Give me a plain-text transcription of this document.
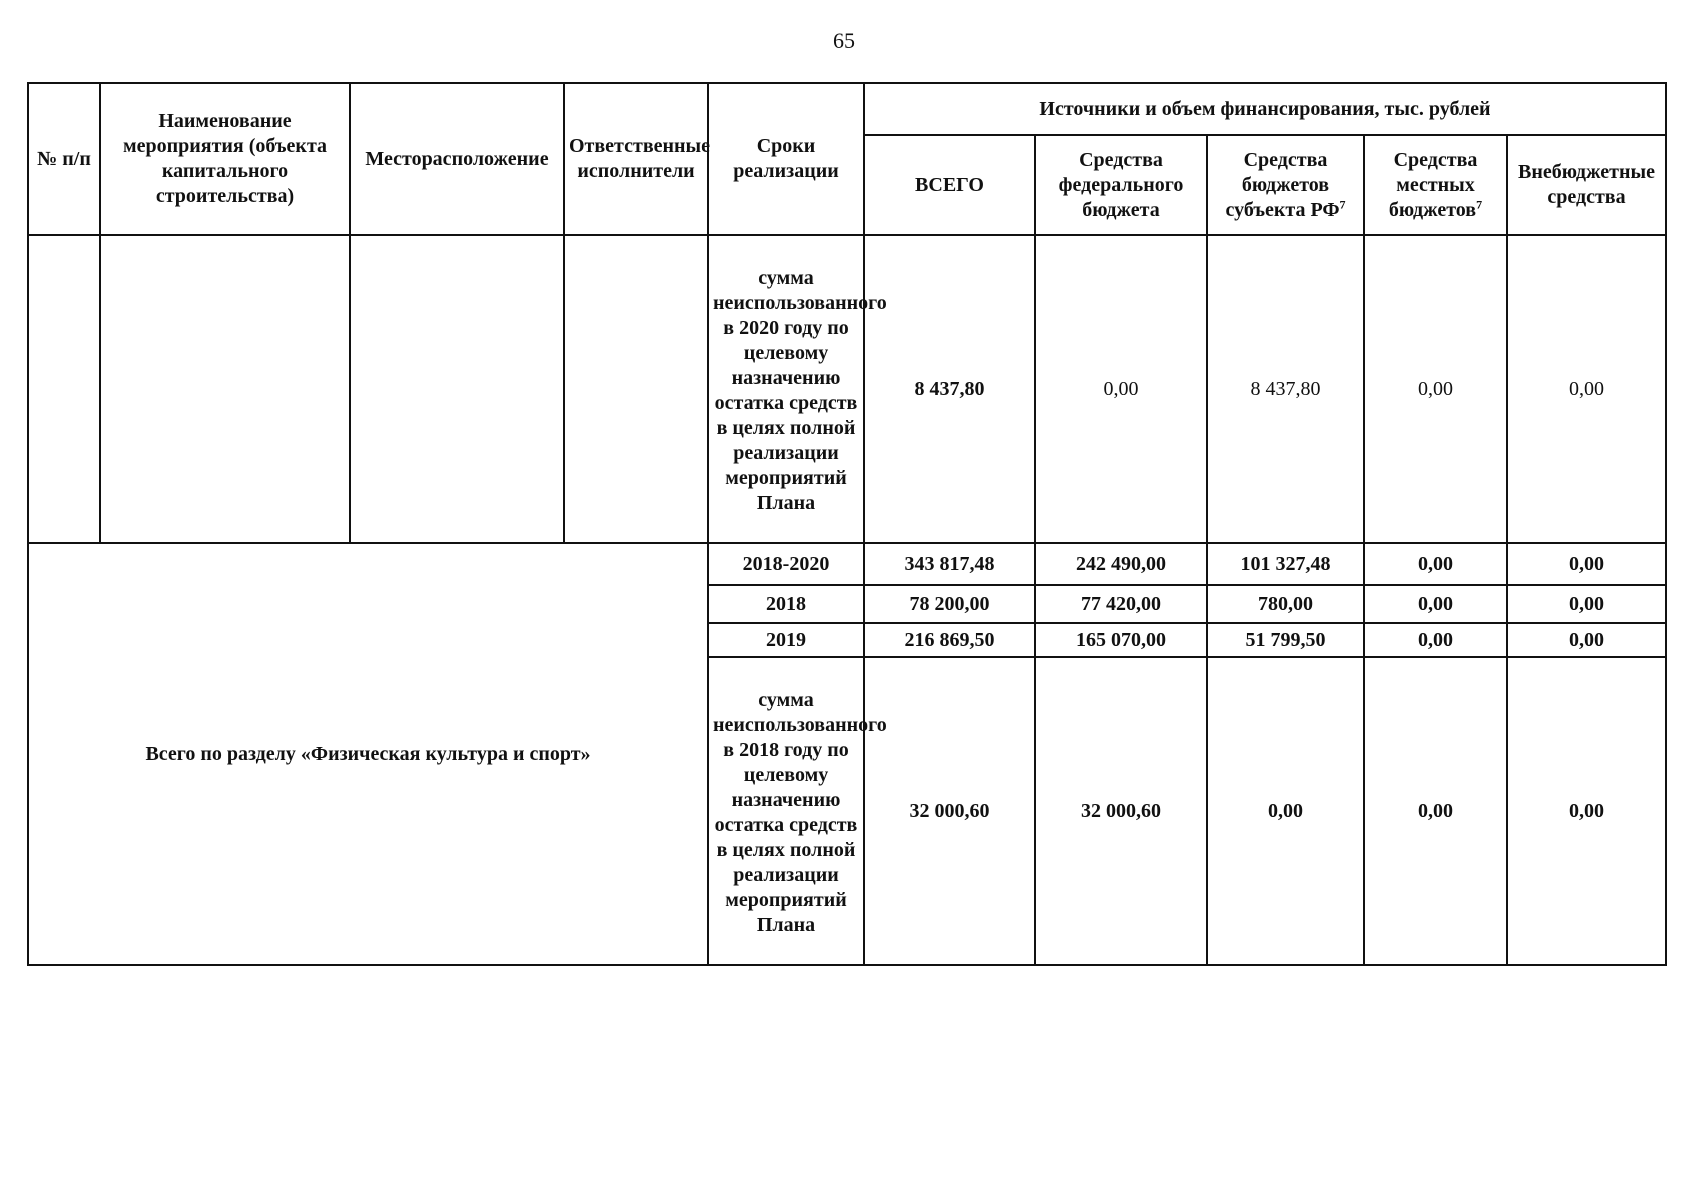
65
№ п/п	Наименование мероприятия (объекта капитального строительства)	Месторасположение	Ответственные исполнители	Сроки реализации	Источники и объем финансирования, тыс. рублей				
					ВСЕГО	Средства федерального бюджета	Средства бюджетов субъекта $РФ^7$	Средства местных бюджетов$^7$	Внебюджетные средства
				сумма неиспользованного в 2020 году по целевому назначению остатка средств в целях полной реализации мероприятий Плана	8 437,80	0,00	8 437,80	0,00	0,00
Всего по разделу «Физическая культура и спорт»				2018-2020	343 817,48	242 490,00	101 327,48	0,00	0,00
				2018	78 200,00	77 420,00	780,00	0,00	0,00
				2019	216 869,50	165 070,00	51 799,50	0,00	0,00
				сумма неиспользованного в 2018 году по целевому назначению остатка средств в целях полной реализации мероприятий Плана	32 000,60	32 000,60	0,00	0,00	0,00
